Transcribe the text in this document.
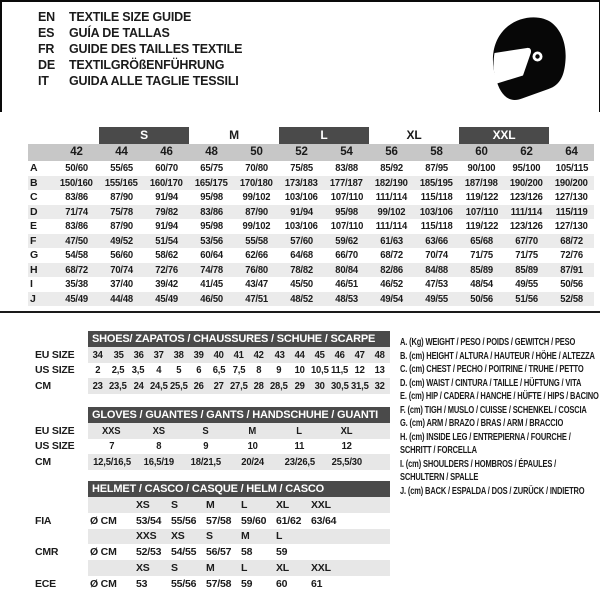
EN	TEXTILE SIZE GUIDE
ES	GUÍA DE TALLAS
FR	GUIDE DES TAILLES TEXTILE
DE	TEXTILGRÖßENFÜHRUNG
IT	GUIDA ALLE TAGLIE TESSILI
S	M	L	XL	XXL
42	44	46	48	50	52	54	56	58	60	62	64
A	50/60	55/65	60/70	65/75	70/80	75/85	83/88	85/92	87/95	90/100	95/100	105/115
B	150/160	155/165	160/170	165/175	170/180	173/183	177/187	182/190	185/195	187/198	190/200	190/200
C	83/86	87/90	91/94	95/98	99/102	103/106	107/110	111/114	115/118	119/122	123/126	127/130
D	71/74	75/78	79/82	83/86	87/90	91/94	95/98	99/102	103/106	107/110	111/114	115/119
E	83/86	87/90	91/94	95/98	99/102	103/106	107/110	111/114	115/118	119/122	123/126	127/130
F	47/50	49/52	51/54	53/56	55/58	57/60	59/62	61/63	63/66	65/68	67/70	68/72
G	54/58	56/60	58/62	60/64	62/66	64/68	66/70	68/72	70/74	71/75	71/75	72/76
H	68/72	70/74	72/76	74/78	76/80	78/82	80/84	82/86	84/88	85/89	85/89	87/91
I	35/38	37/40	39/42	41/45	43/47	45/50	46/51	46/52	47/53	48/54	49/55	50/56
J	45/49	44/48	45/49	46/50	47/51	48/52	48/53	49/54	49/55	50/56	51/56	52/58
SHOES/ ZAPATOS / CHAUSSURES / SCHUHE / SCARPE
EU SIZE	34 35 36 37 38 39 40 41 42 43 44 45 46 47 48
US SIZE	2	2,5 3,5	4	5	6	6,5 7,5	8	9	10 10,5 11,5 12 13
CM	23 23,5 24 24,5 25,5 26 27 27,5 28 28,5 29 30 30,5 31,5 32
GLOVES / GUANTES / GANTS / HANDSCHUHE / GUANTI
EU SIZE	XXS	XS	S	M	L	XL
US SIZE	7	8	9	10	11	12
CM	12,5/16,5	16,5/19	18/21,5	20/24	23/26,5	25,5/30
HELMET / CASCO / CASQUE / HELM / CASCO
XS	S	M	L	XL	XXL
FIA	Ø CM	53/54 55/56 57/58 59/60 61/62 63/64
XXS	XS	S	M	L
CMR	Ø CM	52/53 54/55 56/57 58	59
XS	S	M	L	XL	XXL
ECE	Ø CM	53	55/56 57/58 59	60	61
A. (Kg) WEIGHT / PESO / POIDS / GEWITCH / PESO
B. (cm) HEIGHT / ALTURA / HAUTEUR / HÖHE / ALTEZZA
C. (cm) CHEST / PECHO / POITRINE / TRUHE / PETTO
D. (cm) WAIST / CINTURA / TAILLE / HÜFTUNG / VITA
E. (cm) HIP / CADERA / HANCHE / HÜFTE / HIPS / BACINO
F. (cm) TIGH / MUSLO / CUISSE / SCHENKEL / COSCIA
G. (cm) ARM / BRAZO / BRAS / ARM / BRACCIO
H. (cm) INSIDE LEG / ENTREPIERNA / FOURCHE / SCHRITT / FORCELLA
I. (cm) SHOULDERS / HOMBROS / ÉPAULES / SCHULTERN / SPALLE
J. (cm) BACK / ESPALDA / DOS / ZURÜCK / INDIETRO
